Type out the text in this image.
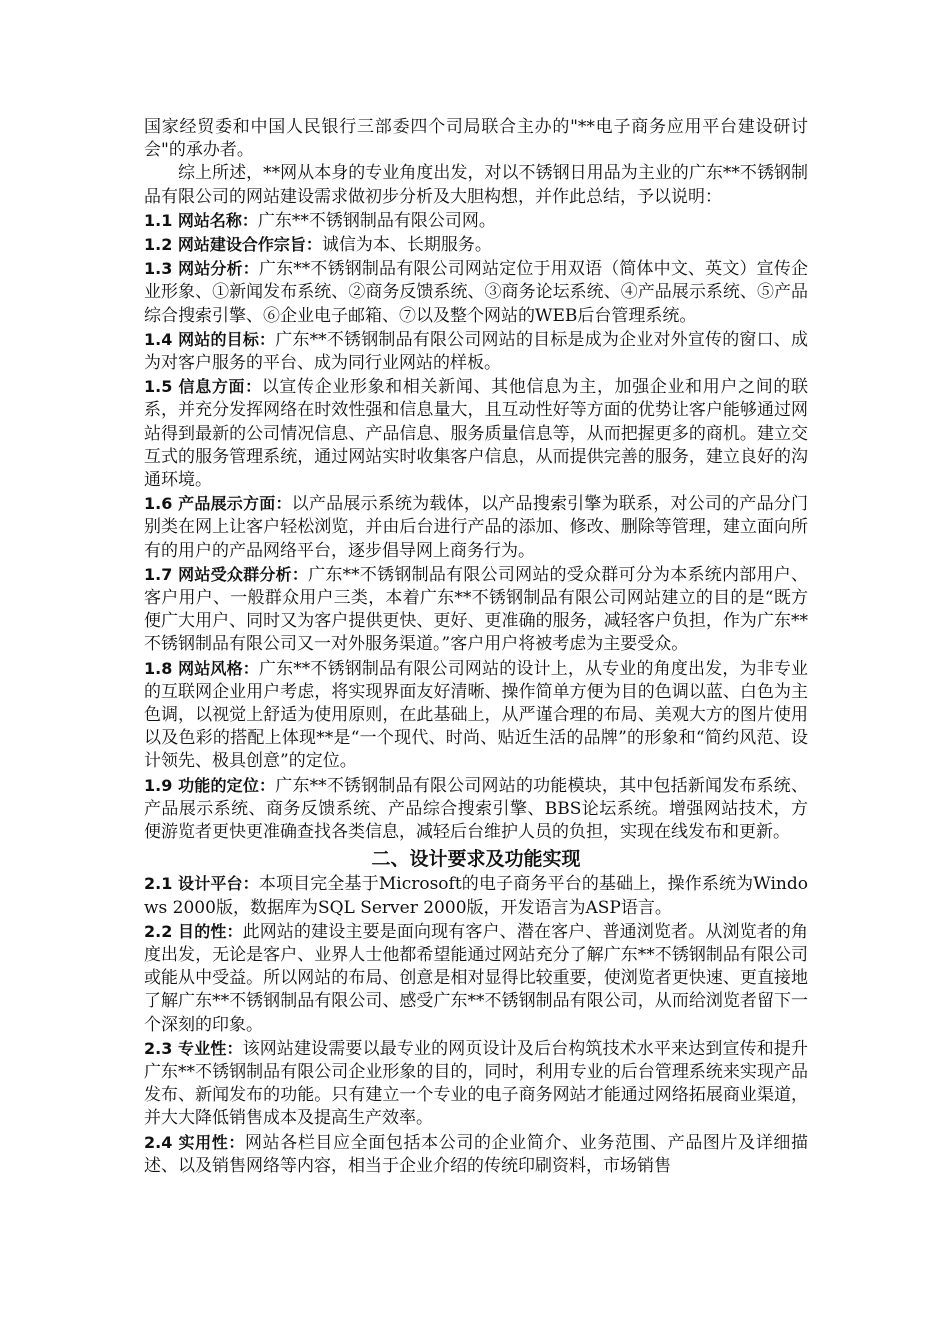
国家经贸委和中国人民银行三部委四个司局联合主办的"**电子商务应用平台建设研讨会"的承办者。

综上所述，**网从本身的专业角度出发，对以不锈钢日用品为主业的广东**不锈钢制品有限公司的网站建设需求做初步分析及大胆构想，并作此总结，予以说明：

1.1 网站名称：广东**不锈钢制品有限公司网。

1.2 网站建设合作宗旨：诚信为本、长期服务。

1.3 网站分析：广东**不锈钢制品有限公司网站定位于用双语（简体中文、英文）宣传企业形象、①新闻发布系统、②商务反馈系统、③商务论坛系统、④产品展示系统、⑤产品综合搜索引擎、⑥企业电子邮箱、⑦以及整个网站的WEB后台管理系统。

1.4 网站的目标：广东**不锈钢制品有限公司网站的目标是成为企业对外宣传的窗口、成为对客户服务的平台、成为同行业网站的样板。

1.5 信息方面：以宣传企业形象和相关新闻、其他信息为主，加强企业和用户之间的联系，并充分发挥网络在时效性强和信息量大，且互动性好等方面的优势让客户能够通过网站得到最新的公司情况信息、产品信息、服务质量信息等，从而把握更多的商机。建立交互式的服务管理系统，通过网站实时收集客户信息，从而提供完善的服务，建立良好的沟通环境。

1.6 产品展示方面：以产品展示系统为载体，以产品搜索引擎为联系，对公司的产品分门别类在网上让客户轻松浏览，并由后台进行产品的添加、修改、删除等管理，建立面向所有的用户的产品网络平台，逐步倡导网上商务行为。

1.7 网站受众群分析：广东**不锈钢制品有限公司网站的受众群可分为本系统内部用户、客户用户、一般群众用户三类，本着广东**不锈钢制品有限公司网站建立的目的是“既方便广大用户、同时又为客户提供更快、更好、更准确的服务，减轻客户负担，作为广东**不锈钢制品有限公司又一对外服务渠道。”客户用户将被考虑为主要受众。

1.8 网站风格：广东**不锈钢制品有限公司网站的设计上，从专业的角度出发，为非专业的互联网企业用户考虑，将实现界面友好清晰、操作简单方便为目的色调以蓝、白色为主色调，以视觉上舒适为使用原则，在此基础上，从严谨合理的布局、美观大方的图片使用以及色彩的搭配上体现**是“一个现代、时尚、贴近生活的品牌”的形象和“简约风范、设计领先、极具创意”的定位。

1.9 功能的定位：广东**不锈钢制品有限公司网站的功能模块，其中包括新闻发布系统、产品展示系统、商务反馈系统、产品综合搜索引擎、BBS论坛系统。增强网站技术，方便游览者更快更准确查找各类信息，减轻后台维护人员的负担，实现在线发布和更新。

二、设计要求及功能实现

2.1 设计平台：本项目完全基于Microsoft的电子商务平台的基础上，操作系统为Windows 2000版，数据库为SQL Server 2000版，开发语言为ASP语言。

2.2 目的性：此网站的建设主要是面向现有客户、潜在客户、普通浏览者。从浏览者的角度出发，无论是客户、业界人士他都希望能通过网站充分了解广东**不锈钢制品有限公司或能从中受益。所以网站的布局、创意是相对显得比较重要，使浏览者更快速、更直接地了解广东**不锈钢制品有限公司、感受广东**不锈钢制品有限公司，从而给浏览者留下一个深刻的印象。

2.3 专业性：该网站建设需要以最专业的网页设计及后台构筑技术水平来达到宣传和提升广东**不锈钢制品有限公司企业形象的目的，同时，利用专业的后台管理系统来实现产品发布、新闻发布的功能。只有建立一个专业的电子商务网站才能通过网络拓展商业渠道，并大大降低销售成本及提高生产效率。

2.4 实用性：网站各栏目应全面包括本公司的企业简介、业务范围、产品图片及详细描述、以及销售网络等内容，相当于企业介绍的传统印刷资料，市场销售
